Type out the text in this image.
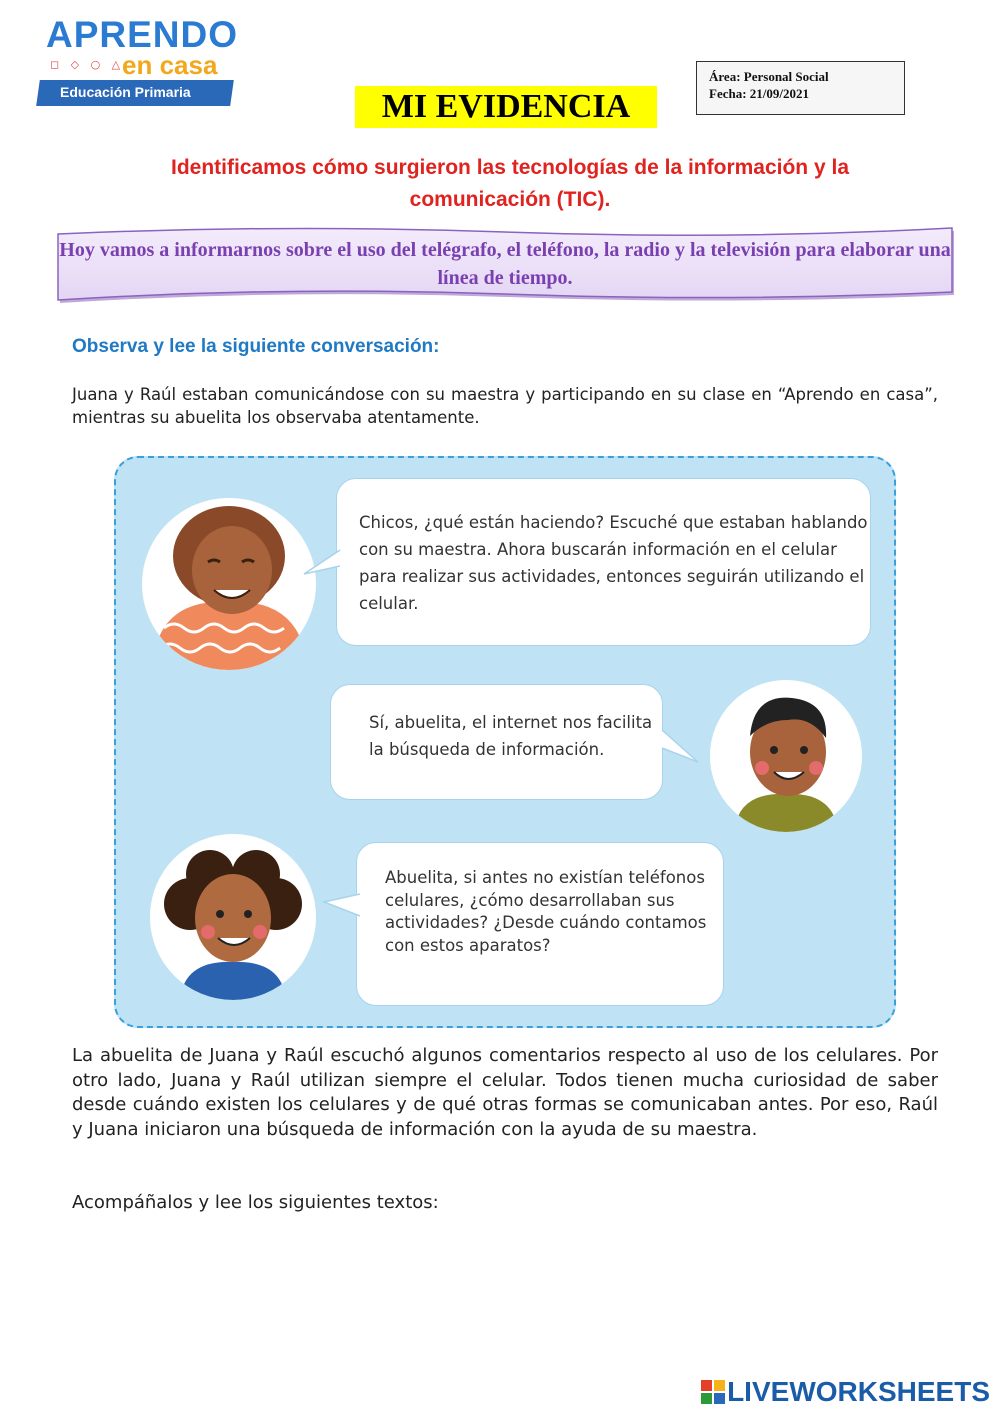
APRENDO
◻ ◇ ○ △
en casa
Educación Primaria	MI EVIDENCIA
Área: Personal Social
Fecha: 21/09/2021
Identificamos cómo surgieron las tecnologías de la información y la comunicación (TIC).
Hoy vamos a informarnos sobre el uso del telégrafo, el teléfono, la radio y la televisión para elaborar una línea de tiempo.
Observa y lee la siguiente conversación:
Juana y Raúl estaban comunicándose con su maestra y participando en su clase en “Aprendo en casa”, mientras su abuelita los observaba atentamente.
Chicos, ¿qué están haciendo? Escuché que estaban hablando con su maestra. Ahora buscarán información en el celular para realizar sus actividades, entonces seguirán utilizando el celular.
Sí, abuelita, el internet nos facilita la búsqueda de información.
Abuelita, si antes no existían teléfonos celulares, ¿cómo desarrollaban sus actividades? ¿Desde cuándo contamos con estos aparatos?
La abuelita de Juana y Raúl escuchó algunos comentarios respecto al uso de los celulares. Por otro lado, Juana y Raúl utilizan siempre el celular. Todos tienen mucha curiosidad de saber desde cuándo existen los celulares y de qué otras formas se comunicaban antes. Por eso, Raúl y Juana iniciaron una búsqueda de información con la ayuda de su maestra.
Acompáñalos y lee los siguientes textos:
LIVEWORKSHEETS
